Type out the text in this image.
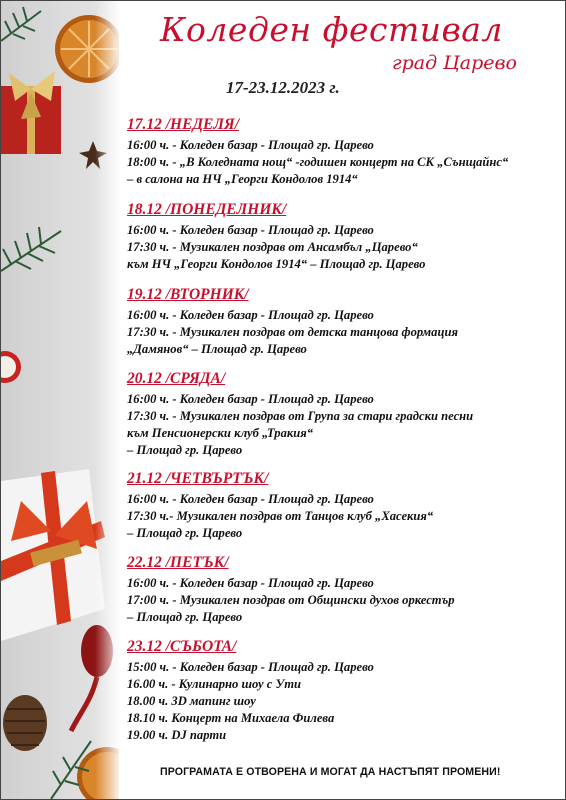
Коледен фестивал
град Царево
17-23.12.2023 г.
17.12 /НЕДЕЛЯ/
16:00 ч. - Коледен базар - Площад гр. Царево
18:00 ч. - „В Коледната нощ“ -годишен концерт на СК „Сънщайнс“
– в салона на НЧ „Георги Кондолов 1914“
18.12 /ПОНЕДЕЛНИК/
16:00 ч. - Коледен базар - Площад гр. Царево
17:30 ч. - Музикален поздрав от Ансамбъл „Царево“
към НЧ „Георги Кондолов 1914“ – Площад гр. Царево
19.12 /ВТОРНИК/
16:00 ч. - Коледен базар - Площад гр. Царево
17:30 ч. - Музикален поздрав от детска танцова формация
„Дамянов“ – Площад гр. Царево
20.12 /СРЯДА/
16:00 ч. - Коледен базар - Площад гр. Царево
17:30 ч. - Музикален поздрав от Група за стари градски песни
към Пенсионерски клуб „Тракия“
– Площад гр. Царево
21.12 /ЧЕТВЪРТЪК/
16:00 ч. - Коледен базар - Площад гр. Царево
17:30 ч.- Музикален поздрав от Танцов клуб „Хасекия“
– Площад гр. Царево
22.12 /ПЕТЪК/
16:00 ч. - Коледен базар - Площад гр. Царево
17:00 ч. - Музикален поздрав от Общински духов оркестър
– Площад гр. Царево
23.12 /СЪБОТА/
15:00 ч. - Коледен базар - Площад гр. Царево
16.00 ч. - Кулинарно шоу с Ути
18.00 ч. 3D мапинг шоу
18.10 ч. Концерт на Михаела Филева
19.00 ч. DJ парти
ПРОГРАМАТА Е ОТВОРЕНА И МОГАТ ДА НАСТЪПЯТ ПРОМЕНИ!
